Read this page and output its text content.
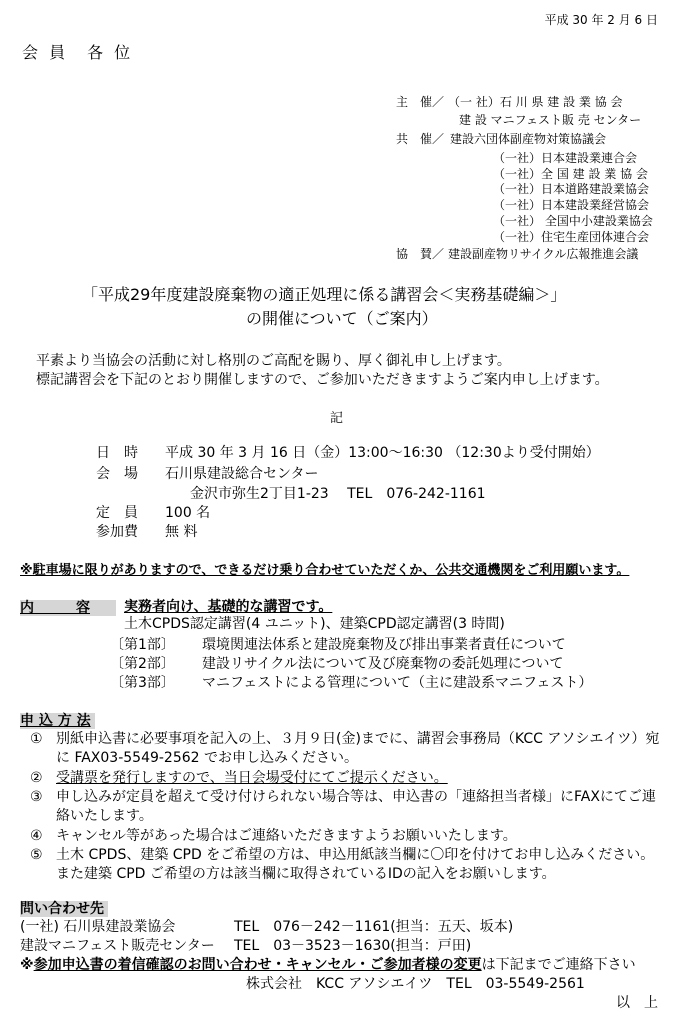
平成 30 年 2 月 6 日
会 員　各 位
主　催／ （一 社）石 川 県 建 設 業 協 会
建 設 マニフェスト販 売 センター
共　催／ 建設六団体副産物対策協議会
（一社）日本建設業連合会
（一社）全 国 建 設 業 協 会
（一社）日本道路建設業協会
（一社）日本建設業経営協会
（一社） 全国中小建設業協会
（一社）住宅生産団体連合会
協　賛／ 建設副産物リサイクル広報推進会議
「平成29年度建設廃棄物の適正処理に係る講習会＜実務基礎編＞」
の開催について（ご案内）
平素より当協会の活動に対し格別のご高配を賜り、厚く御礼申し上げます。
標記講習会を下記のとおり開催しますので、ご参加いただきますようご案内申し上げます。
記
日　時 平成 30 年 3 月 16 日（金）13:00～16:30 （12:30より受付開始）
会　場 石川県建設総合センター
金沢市弥生2丁目1-23　 TEL　076-242-1161
定　員 100 名
参加費 無 料
※駐車場に限りがありますので、できるだけ乗り合わせていただくか、公共交通機関をご利用願います。
内　　　容	実務者向け、基礎的な講習です。
土木CPDS認定講習(4 ユニット)、建築CPD認定講習(3 時間)
〔第1部〕 環境関連法体系と建設廃棄物及び排出事業者責任について
〔第2部〕 建設リサイクル法について及び廃棄物の委託処理について
〔第3部〕 マニフェストによる管理について（主に建設系マニフェスト）
申 込 方 法
① 別紙申込書に必要事項を記入の上、３月９日(金)までに、講習会事務局（KCC アソシエイツ）宛
に FAX03-5549-2562 でお申し込みください。
② 受講票を発行しますので、当日会場受付にてご提示ください。
③ 申し込みが定員を超えて受け付けられない場合等は、申込書の「連絡担当者様」にFAXにてご連
絡いたします。
④ キャンセル等があった場合はご連絡いただきますようお願いいたします。
⑤ 土木 CPDS、建築 CPD をご希望の方は、申込用紙該当欄に〇印を付けてお申し込みください。
また建築 CPD ご希望の方は該当欄に取得されているIDの記入をお願いします。
問い合わせ先
(一社) 石川県建設業協会	TEL　076－242－1161(担当：五天、坂本)
建設マニフェスト販売センター TEL　03－3523－1630(担当：戸田)
※参加申込書の着信確認のお問い合わせ・キャンセル・ご参加者様の変更は下記までご連絡下さい
株式会社　KCC アソシエイツ　TEL　03-5549-2561
以　上
